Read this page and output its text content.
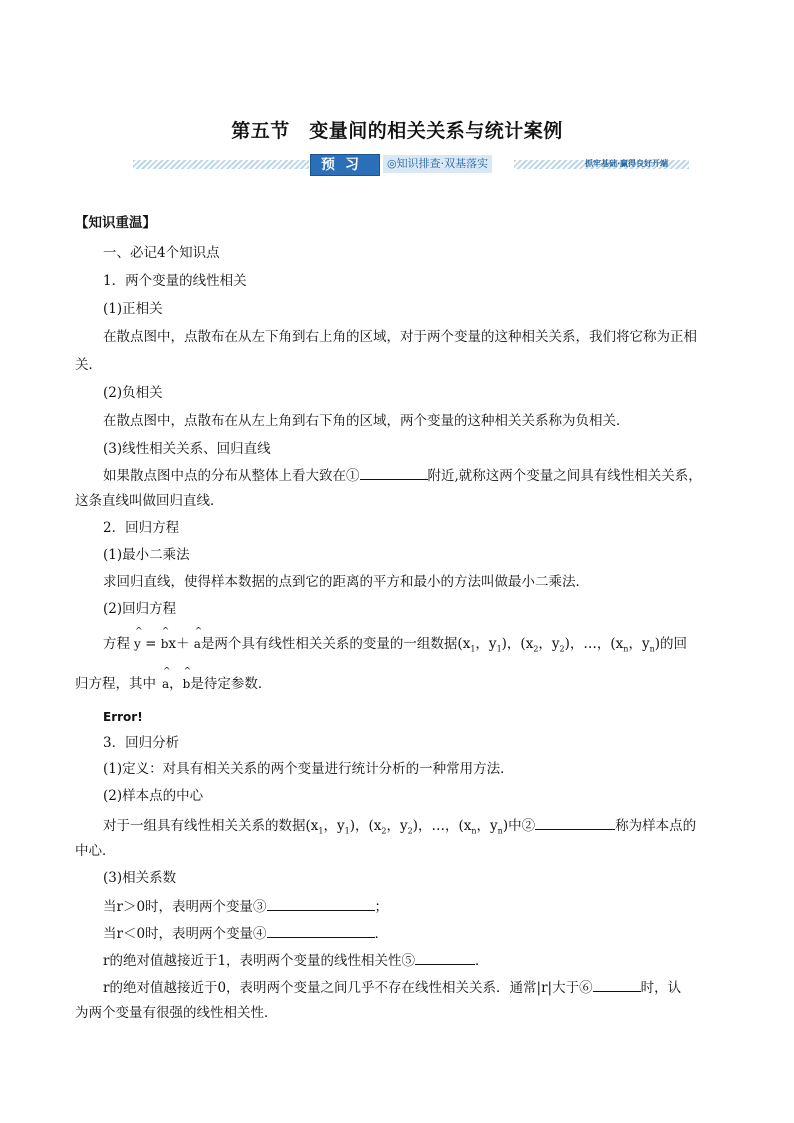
第五节　变量间的相关关系与统计案例
预习	◎知识排查·双基落实	抓牢基础·赢得良好开端
【知识重温】
一、必记4个知识点
1．两个变量的线性相关
(1)正相关
在散点图中，点散布在从左下角到右上角的区域，对于两个变量的这种相关关系，我们将它称为正相
关．
(2)负相关
在散点图中，点散布在从左上角到右下角的区域，两个变量的这种相关关系称为负相关．
(3)线性相关关系、回归直线
如果散点图中点的分布从整体上看大致在①	附近,就称这两个变量之间具有线性相关关系，
这条直线叫做回归直线．
2．回归方程
(1)最小二乘法
求回归直线，使得样本数据的点到它的距离的平方和最小的方法叫做最小二乘法．
(2)回归方程
方程 ^ y = ^ bx＋ ^ a是两个具有线性相关关系的变量的一组数据($x_1$，$y_1$)，($x_2$，$y_2$)，…，($x_n$，$y_n$)的回
归方程，其中 ^ a，^ b是待定参数．
Error!
3．回归分析
(1)定义：对具有相关关系的两个变量进行统计分析的一种常用方法．
(2)样本点的中心
对于一组具有线性相关关系的数据($x_1$，$y_1$)，($x_2$，$y_2$)，…，($x_n$，$y_n$)中②	称为样本点的
中心．
(3)相关系数
当r＞0时，表明两个变量③	；
当r＜0时，表明两个变量④	．
r的绝对值越接近于1，表明两个变量的线性相关性⑤	．
r的绝对值越接近于0，表明两个变量之间几乎不存在线性相关关系．通常|r|大于⑥	时，认
为两个变量有很强的线性相关性．
